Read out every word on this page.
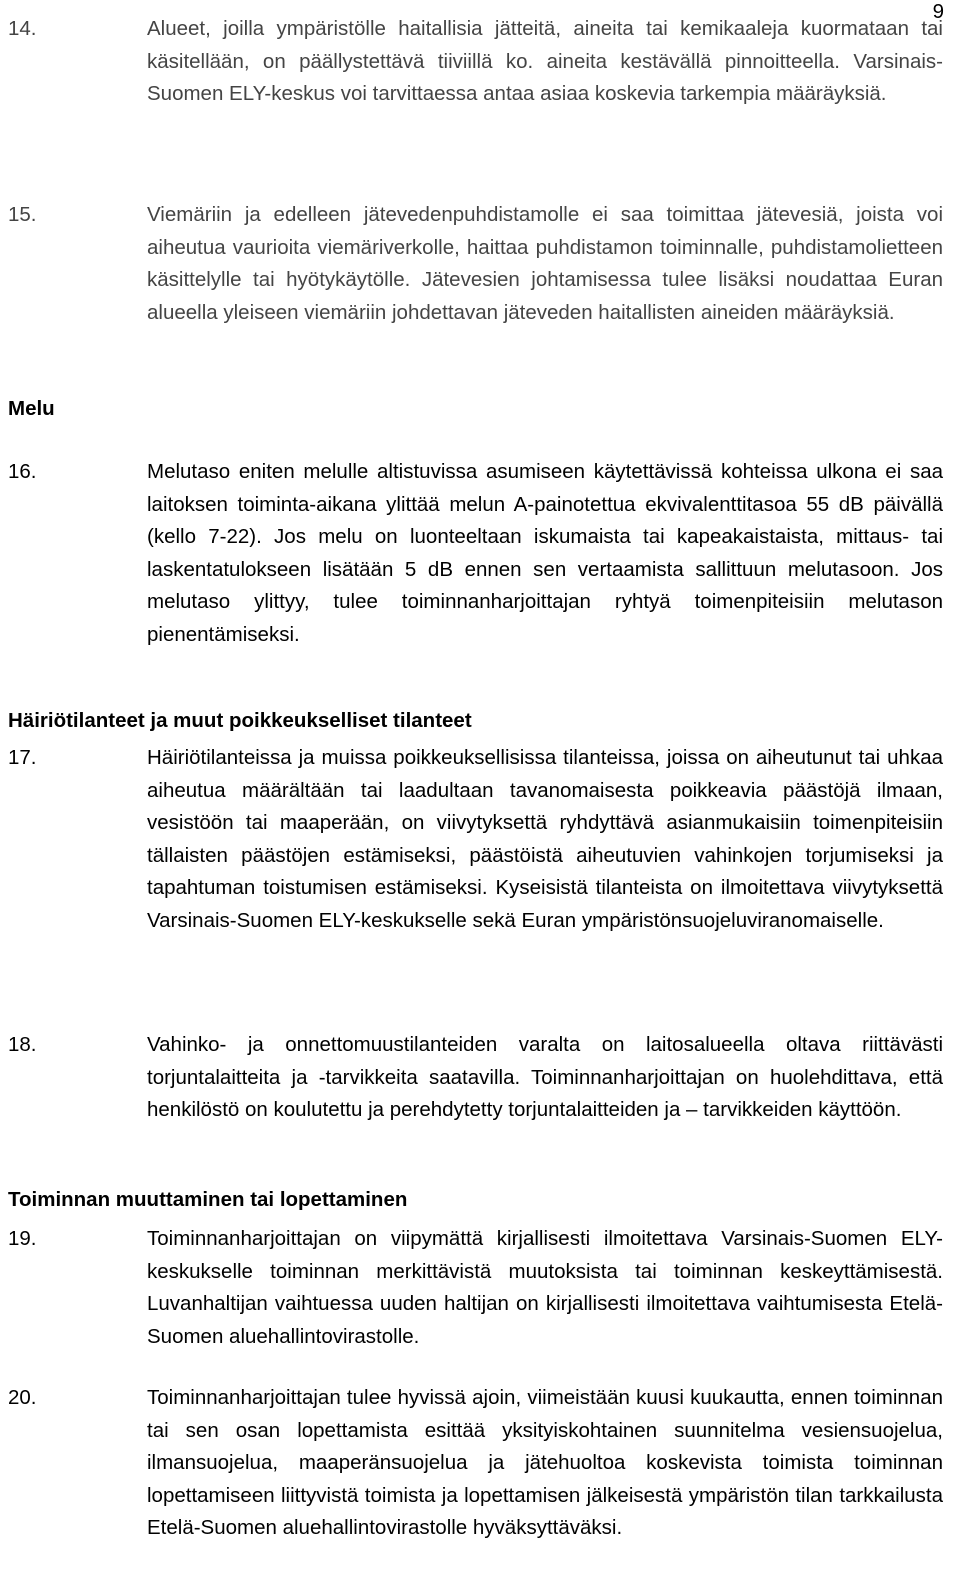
9
14.	Alueet, joilla ympäristölle haitallisia jätteitä, aineita tai kemikaaleja kuormataan tai käsitellään, on päällystettävä tiiviillä ko. aineita kestävällä pinnoitteella. Varsinais-Suomen ELY-keskus voi tarvittaessa antaa asiaa koskevia tarkempia määräyksiä.
15.	Viemäriin ja edelleen jätevedenpuhdistamolle ei saa toimittaa jätevesiä, joista voi aiheutua vaurioita viemäriverkolle, haittaa puhdistamon toiminnalle, puhdistamolietteen käsittelylle tai hyötykäytölle. Jätevesien johtamisessa tulee lisäksi noudattaa Euran alueella yleiseen viemäriin johdettavan jäteveden haitallisten aineiden määräyksiä.
Melu
16.	Melutaso eniten melulle altistuvissa asumiseen käytettävissä kohteissa ulkona ei saa laitoksen toiminta-aikana ylittää melun A-painotettua ekvivalenttitasoa 55 dB päivällä (kello 7-22). Jos melu on luonteeltaan iskumaista tai kapeakaistaista, mittaus- tai laskentatulokseen lisätään 5 dB ennen sen vertaamista sallittuun melutasoon. Jos melutaso ylittyy, tulee toiminnanharjoittajan ryhtyä toimenpiteisiin melutason pienentämiseksi.
Häiriötilanteet ja muut poikkeukselliset tilanteet
17.	Häiriötilanteissa ja muissa poikkeuksellisissa tilanteissa, joissa on aiheutunut tai uhkaa aiheutua määrältään tai laadultaan tavanomaisesta poikkeavia päästöjä ilmaan, vesistöön tai maaperään, on viivytyksettä ryhdyttävä asianmukaisiin toimenpiteisiin tällaisten päästöjen estämiseksi, päästöistä aiheutuvien vahinkojen torjumiseksi ja tapahtuman toistumisen estämiseksi. Kyseisistä tilanteista on ilmoitettava viivytyksettä Varsinais-Suomen ELY-keskukselle sekä Euran ympäristönsuojeluviranomaiselle.
18.	Vahinko- ja onnettomuustilanteiden varalta on laitosalueella oltava riittävästi torjuntalaitteita ja -tarvikkeita saatavilla. Toiminnanharjoittajan on huolehdittava, että henkilöstö on koulutettu ja perehdytetty torjuntalaitteiden ja – tarvikkeiden käyttöön.
Toiminnan muuttaminen tai lopettaminen
19.	Toiminnanharjoittajan on viipymättä kirjallisesti ilmoitettava Varsinais-Suomen ELY-keskukselle toiminnan merkittävistä muutoksista tai toiminnan keskeyttämisestä. Luvanhaltijan vaihtuessa uuden haltijan on kirjallisesti ilmoitettava vaihtumisesta Etelä-Suomen aluehallintovirastolle.
20.	Toiminnanharjoittajan tulee hyvissä ajoin, viimeistään kuusi kuukautta, ennen toiminnan tai sen osan lopettamista esittää yksityiskohtainen suunnitelma vesiensuojelua, ilmansuojelua, maaperänsuojelua ja jätehuoltoa koskevista toimista toiminnan lopettamiseen liittyvistä toimista ja lopettamisen jälkeisestä ympäristön tilan tarkkailusta Etelä-Suomen aluehallintovirastolle hyväksyttäväksi.
